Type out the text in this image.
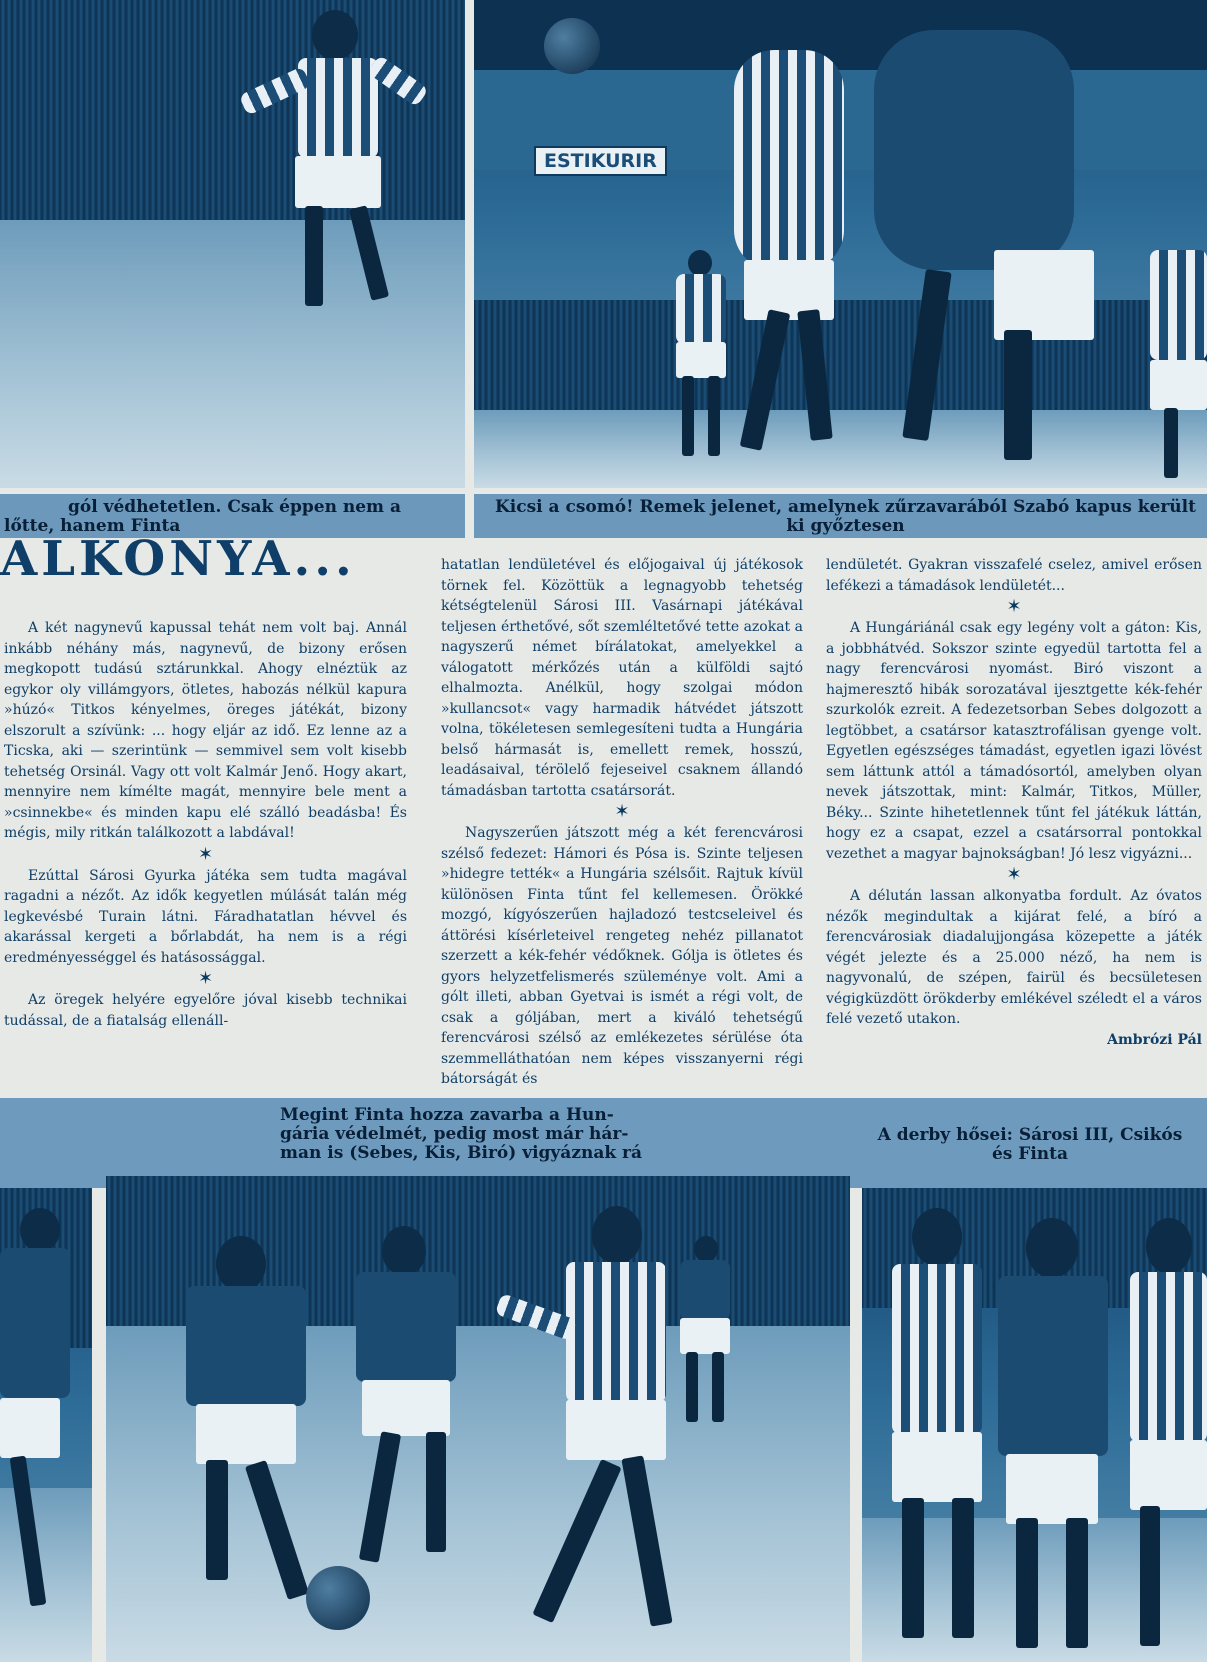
ESTIKURIR
gól védhetetlen. Csak éppen nem a
lőtte, hanem Finta
Kicsi a csomó! Remek jelenet, amelynek zűrzavarából Szabó kapus került
ki győztesen
ALKONYA...

A két nagynevű kapussal tehát nem volt baj. Annál inkább néhány más, nagynevű, de bizony erősen megkopott tudású sztárunkkal. Ahogy elnéztük az egykor oly villámgyors, ötletes, habozás nélkül kapura »húzó« Titkos kényelmes, öreges játékát, bizony elszorult a szívünk: ... hogy eljár az idő. Ez lenne az a Ticska, aki — szerintünk — semmivel sem volt kisebb tehetség Orsinál. Vagy ott volt Kalmár Jenő. Hogy akart, mennyire nem kímélte magát, mennyire bele ment a »csinnekbe« és minden kapu elé szálló beadásba! És mégis, mily ritkán találkozott a labdával!

✶

Ezúttal Sárosi Gyurka játéka sem tudta magával ragadni a nézőt. Az idők kegyetlen múlását talán még legkevésbé Turain látni. Fáradhatatlan hévvel és akarással kergeti a bőrlabdát, ha nem is a régi eredményességgel és hatásossággal.

✶

Az öregek helyére egyelőre jóval kisebb technikai tudással, de a fiatalság ellenáll-

hatatlan lendületével és előjogaival új játékosok törnek fel. Közöttük a legnagyobb tehetség kétségtelenül Sárosi III. Vasárnapi játékával teljesen érthetővé, sőt szemléltetővé tette azokat a nagyszerű német bírálatokat, amelyekkel a válogatott mérkőzés után a külföldi sajtó elhalmozta. Anélkül, hogy szolgai módon »kullancsot« vagy harmadik hátvédet játszott volna, tökéletesen semlegesíteni tudta a Hungária belső hármasát is, emellett remek, hosszú, leadásaival, térölelő fejeseivel csaknem állandó támadásban tartotta csatársorát.

✶

Nagyszerűen játszott még a két ferencvárosi szélső fedezet: Hámori és Pósa is. Szinte teljesen »hidegre tették« a Hungária szélsőit. Rajtuk kívül különösen Finta tűnt fel kellemesen. Örökké mozgó, kígyószerűen hajladozó testcseleivel és áttörési kísérleteivel rengeteg nehéz pillanatot szerzett a kék-fehér védőknek. Gólja is ötletes és gyors helyzetfelismerés szüleménye volt. Ami a gólt illeti, abban Gyetvai is ismét a régi volt, de csak a góljában, mert a kiváló tehetségű ferencvárosi szélső az emlékezetes sérülése óta szemmelláthatóan nem képes visszanyerni régi bátorságát és

lendületét. Gyakran visszafelé cselez, amivel erősen lefékezi a támadások lendületét...

✶

A Hungáriánál csak egy legény volt a gáton: Kis, a jobbhátvéd. Sokszor szinte egyedül tartotta fel a nagy ferencvárosi nyomást. Biró viszont a hajmeresztő hibák sorozatával ijesztgette kék-fehér szurkolók ezreit. A fedezetsorban Sebes dolgozott a legtöbbet, a csatársor katasztrofálisan gyenge volt. Egyetlen egészséges támadást, egyetlen igazi lövést sem láttunk attól a támadósortól, amelyben olyan nevek játszottak, mint: Kalmár, Titkos, Müller, Béky... Szinte hihetetlennek tűnt fel játékuk láttán, hogy ez a csapat, ezzel a csatársorral pontokkal vezethet a magyar bajnokságban! Jó lesz vigyázni...

✶

A délután lassan alkonyatba fordult. Az óvatos nézők megindultak a kijárat felé, a bíró a ferencvárosiak diadalujjongása közepette a játék végét jelezte és a 25.000 néző, ha nem is nagyvonalú, de szépen, fairül és becsületesen végigküzdött örökderby emlékével széledt el a város felé vezető utakon.

Ambrózi Pál

Megint Finta hozza zavarba a Hun-
gária védelmét, pedig most már hár-
man is (Sebes, Kis, Biró) vigyáznak rá
A derby hősei: Sárosi III, Csikós
és Finta
